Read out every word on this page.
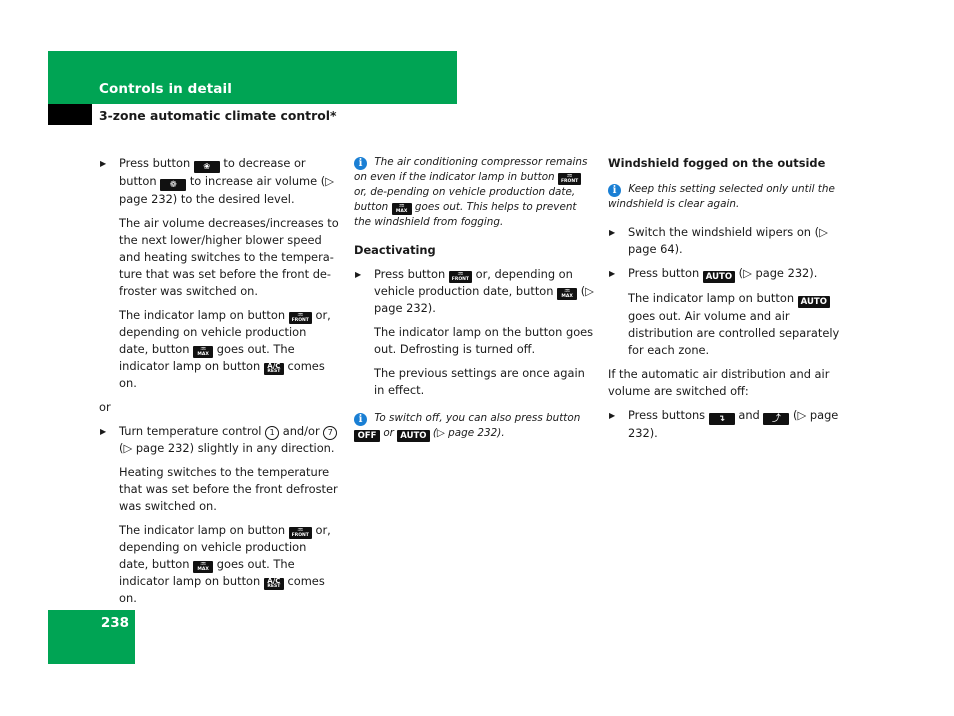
Controls in detail
3-zone automatic climate control*

▶ Press button ❀ to decrease or button ❁ to increase air volume (▷ page 232) to the desired level.

The air volume decreases/increases to the next lower/higher blower speed and heating switches to the tempera-ture that was set before the front de-froster was switched on.

The indicator lamp on button	♒
FRONT or, depending on vehicle production date, button	♒
MAX goes out. The indicator lamp on button A/C
REST comes on.

or

▶ Turn temperature control 1 and/or 7 (▷ page 232) slightly in any direction.

Heating switches to the temperature that was set before the front defroster was switched on.

The indicator lamp on button	♒
FRONT or, depending on vehicle production date, button	♒
MAX goes out. The indicator lamp on button A/C
REST comes on.

i The air conditioning compressor remains on even if the indicator lamp in button	♒
FRONT
or, de-pending on vehicle production date, button	♒
MAX goes out. This helps to prevent the windshield from fogging.

Deactivating

▶ Press button	♒
FRONT or, depending on vehicle production date, button	♒
MAX (▷ page 232).

The indicator lamp on the button goes out. Defrosting is turned off.

The previous settings are once again in effect.

i To switch off, you can also press button OFF or AUTO (▷ page 232).

Windshield fogged on the outside

i Keep this setting selected only until the windshield is clear again.

▶ Switch the windshield wipers on (▷ page 64).

▶ Press button AUTO (▷ page 232).

The indicator lamp on button AUTO goes out. Air volume and air distribution are controlled separately for each zone.

If the automatic air distribution and air volume are switched off:

▶ Press buttons ↴ and ⤴ (▷ page 232).

238
